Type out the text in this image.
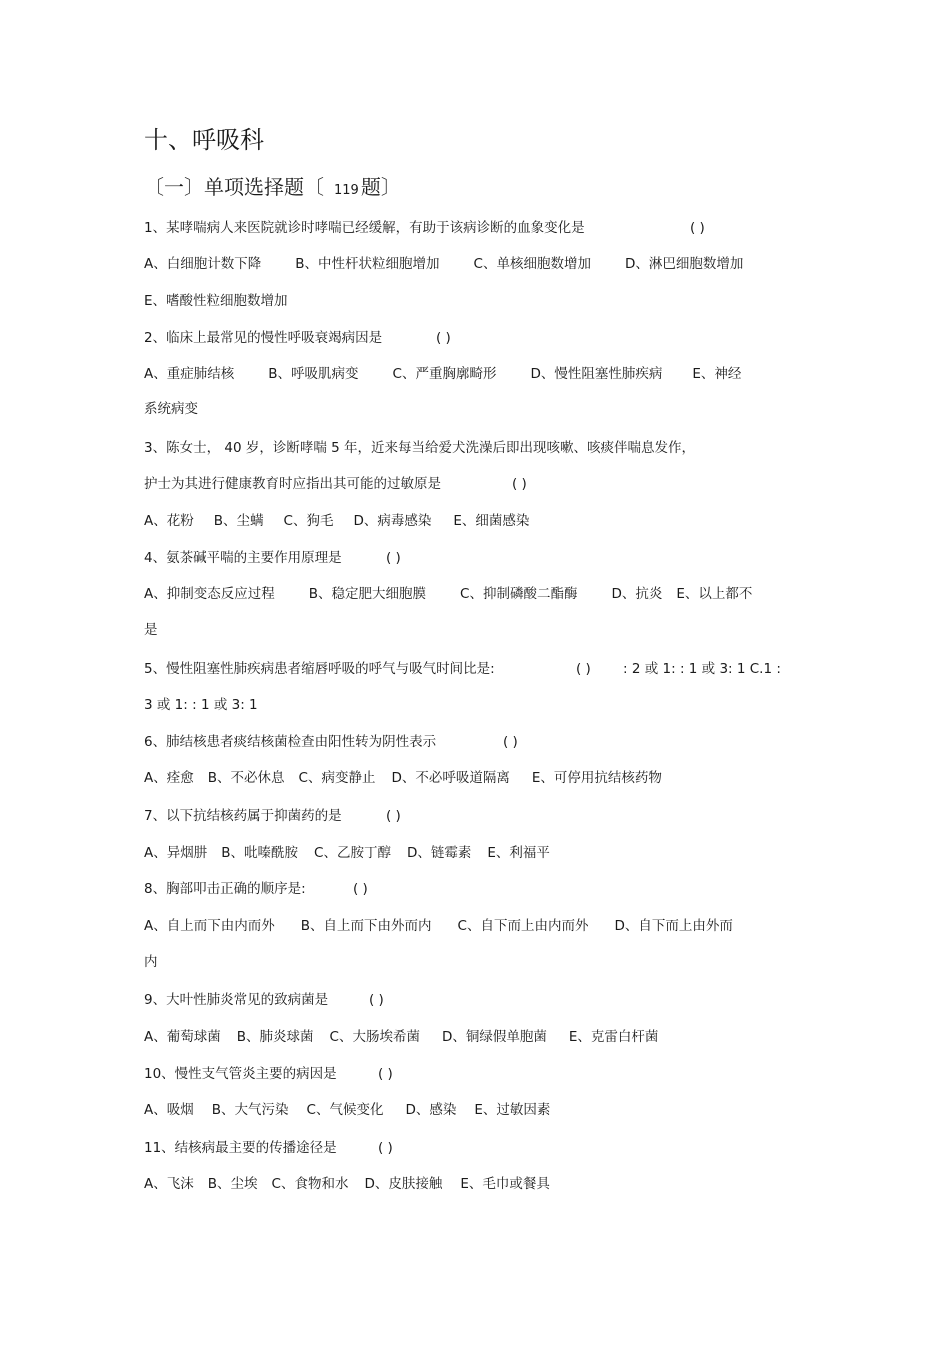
十、呼吸科
〔一〕单项选择题〔 119 题〕
1、某哮喘病人来医院就诊时哮喘已经缓解，有助于该病诊断的血象变化是	( )
A、白细胞计数下降	B、中性杆状粒细胞增加	C、单核细胞数增加	D、淋巴细胞数增加
E、嗜酸性粒细胞数增加
2、临床上最常见的慢性呼吸衰竭病因是	( )
A、重症肺结核	B、呼吸肌病变	C、严重胸廓畸形	D、慢性阻塞性肺疾病 E、神经
系统病变
3、陈女士， 40 岁，诊断哮喘 5 年，近来每当给爱犬洗澡后即出现咳嗽、咳痰伴喘息发作，
护士为其进行健康教育时应指出其可能的过敏原是	( )
A、花粉 B、尘螨 C、狗毛 D、病毒感染 E、细菌感染
4、氨茶碱平喘的主要作用原理是	( )
A、抑制变态反应过程	B、稳定肥大细胞膜	C、抑制磷酸二酯酶	D、抗炎 E、以上都不
是
5、慢性阻塞性肺疾病患者缩唇呼吸的呼气与吸气时间比是:	( ) : 2 或 1: : 1 或 3: 1 C.1 :
3 或 1: : 1 或 3: 1
6、肺结核患者痰结核菌检查由阳性转为阴性表示	( )
A、痊愈 B、不必休息 C、病变静止 D、不必呼吸道隔离 E、可停用抗结核药物
7、以下抗结核药属于抑菌药的是	( )
A、异烟肼 B、吡嗪酰胺 C、乙胺丁醇 D、链霉素 E、利福平
8、胸部叩击正确的顺序是:	( )
A、自上而下由内而外 B、自上而下由外而内 C、自下而上由内而外 D、自下而上由外而
内
9、大叶性肺炎常见的致病菌是	( )
A、葡萄球菌 B、肺炎球菌 C、大肠埃希菌 D、铜绿假单胞菌 E、克雷白杆菌
10、慢性支气管炎主要的病因是	( )
A、吸烟 B、大气污染 C、气候变化 D、感染 E、过敏因素
11、结核病最主要的传播途径是	( )
A、飞沫 B、尘埃 C、食物和水 D、皮肤接触 E、毛巾或餐具
